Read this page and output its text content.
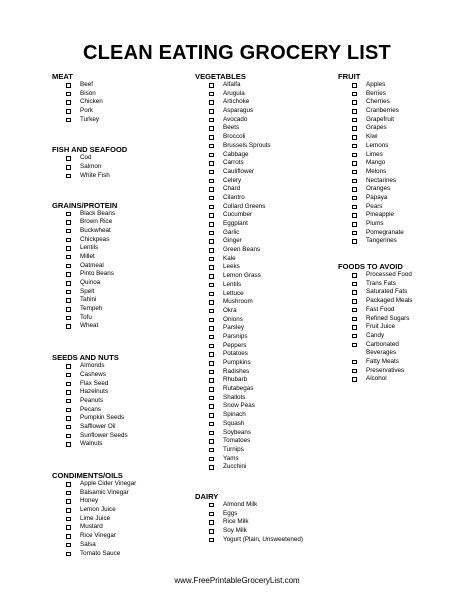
CLEAN EATING GROCERY LIST
MEAT
Beef
Bison
Chicken
Pork
Turkey
FISH AND SEAFOOD
Cod
Salmon
White Fish
GRAINS/PROTEIN
Black Beans
Brown Rice
Buckwheat
Chickpeas
Lentils
Millet
Oatmeal
Pinto Beans
Quinoa
Spelt
Tahini
Tempeh
Tofu
Wheat
SEEDS AND NUTS
Almonds
Cashews
Flax Seed
Hazelnuts
Peanuts
Pecans
Pumpkin Seeds
Safflower Oil
Sunflower Seeds
Walnuts
CONDIMENTS/OILS
Apple Cider Vinegar
Balsamic Vinegar
Honey
Lemon Juice
Lime Juice
Mustard
Rice Vinegar
Salsa
Tomato Sauce
VEGETABLES
Alfalfa
Arugula
Artichoke
Asparagus
Avocado
Beets
Broccoli
Brussels Sprouts
Cabbage
Carrots
Cauliflower
Celery
Chard
Cilantro
Collard Greens
Cucumber
Eggplant
Garlic
Ginger
Green Beans
Kale
Leeks
Lemon Grass
Lentils
Lettuce
Mushroom
Okra
Onions
Parsley
Parsnips
Peppers
Potatoes
Pumpkins
Radishes
Rhubarb
Rutabegas
Shallots
Snow Peas
Spinach
Squash
Soybeans
Tomatoes
Turnips
Yams
Zucchini
DAIRY
Almond Milk
Eggs
Rice Milk
Soy Milk
Yogurt (Plain, Unsweetened)
FRUIT
Apples
Berries
Cherries
Cranberries
Grapefruit
Grapes
Kiwi
Lemons
Limes
Mango
Melons
Nectarines
Oranges
Papaya
Pears
Pineapple
Plums
Pomegranate
Tangerines
FOODS TO AVOID
Processed Food
Trans Fats
Saturated Fats
Packaged Meals
Fast Food
Refined Sugars
Fruit Juice
Candy
Carbonated
Beverages
Fatty Meats
Preservatives
Alcohol
www.FreePrintableGroceryList.com
